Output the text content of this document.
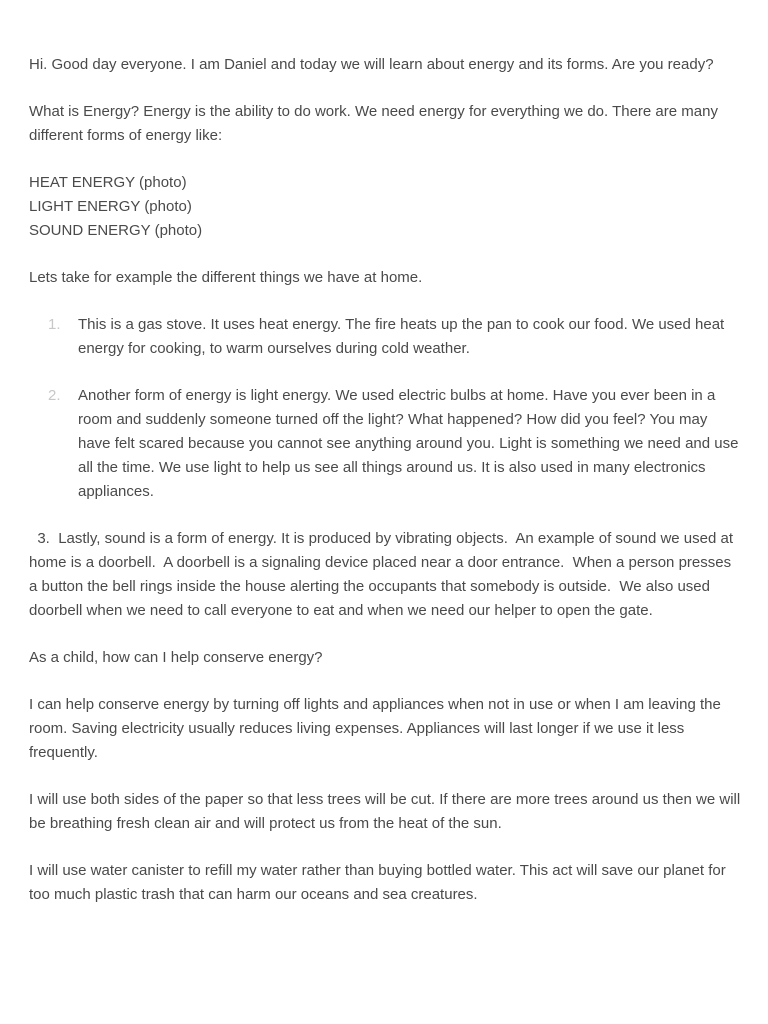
Hi. Good day everyone. I am Daniel and today we will learn about energy and its forms. Are you ready?

What is Energy? Energy is the ability to do work. We need energy for everything we do. There are many different forms of energy like:

HEAT ENERGY (photo)
LIGHT ENERGY (photo)
SOUND ENERGY (photo)

Lets take for example the different things we have at home.

1. This is a gas stove. It uses heat energy. The fire heats up the pan to cook our food. We used heat energy for cooking, to warm ourselves during cold weather.
2. Another form of energy is light energy. We used electric bulbs at home. Have you ever been in a room and suddenly someone turned off the light? What happened? How did you feel? You may have felt scared because you cannot see anything around you. Light is something we need and use all the time. We use light to help us see all things around us. It is also used in many electronics appliances.

3.  Lastly, sound is a form of energy. It is produced by vibrating objects.  An example of sound we used at home is a doorbell.  A doorbell is a signaling device placed near a door entrance.  When a person presses a button the bell rings inside the house alerting the occupants that somebody is outside.  We also used doorbell when we need to call everyone to eat and when we need our helper to open the gate.

As a child, how can I help conserve energy?

I can help conserve energy by turning off lights and appliances when not in use or when I am leaving the room. Saving electricity usually reduces living expenses. Appliances will last longer if we use it less frequently.

I will use both sides of the paper so that less trees will be cut. If there are more trees around us then we will be breathing fresh clean air and will protect us from the heat of the sun.

I will use water canister to refill my water rather than buying bottled water. This act will save our planet for too much plastic trash that can harm our oceans and sea creatures.
